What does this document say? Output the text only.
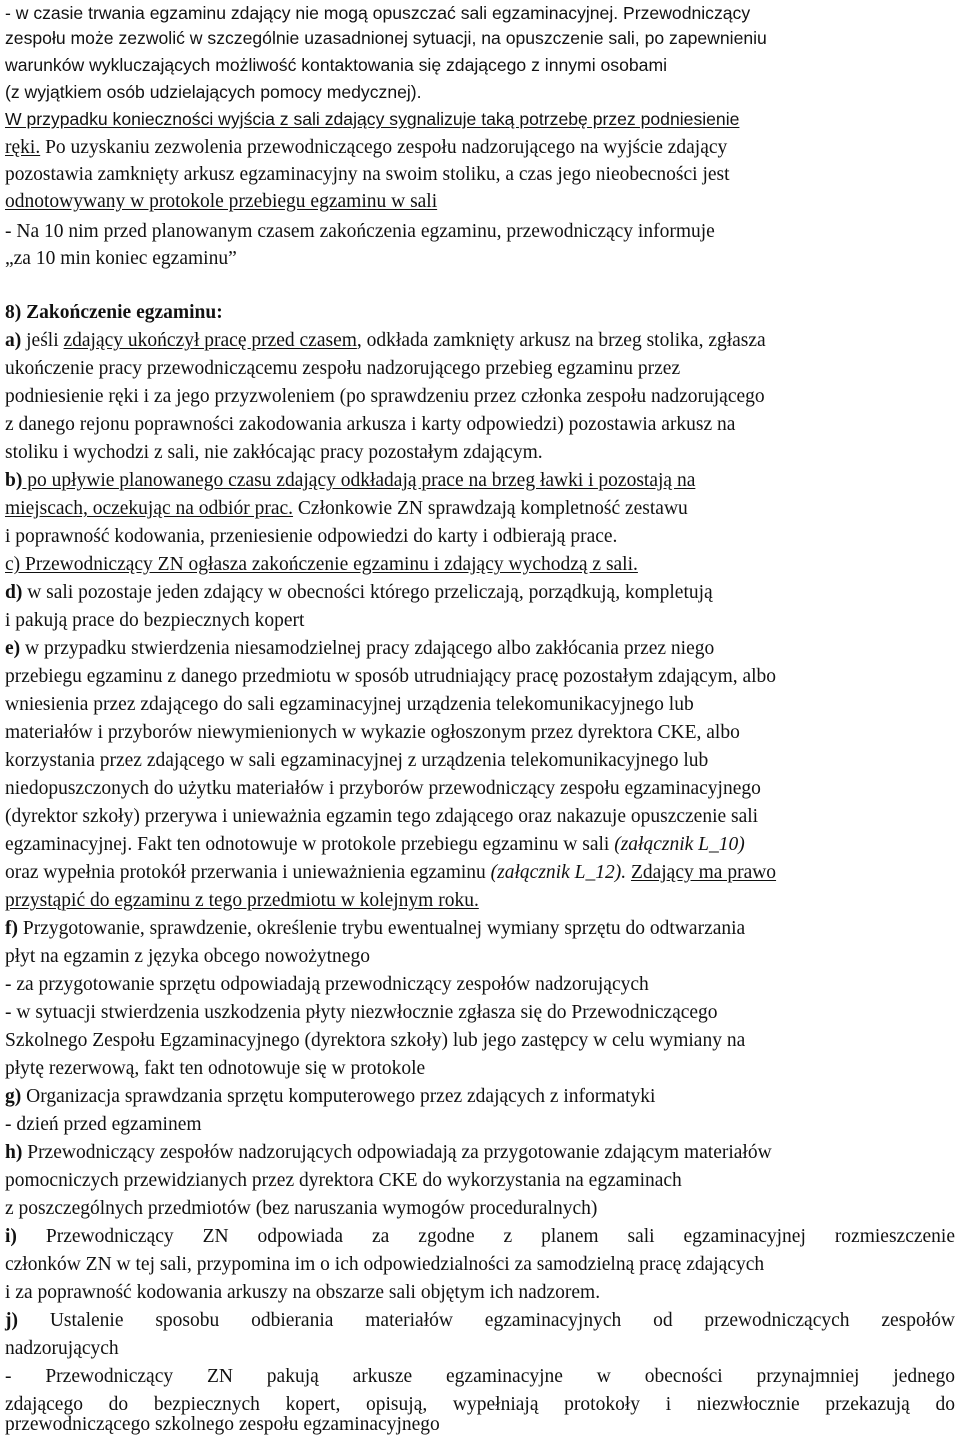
- w czasie trwania egzaminu zdający nie mogą opuszczać sali egzaminacyjnej. Przewodniczący
zespołu może zezwolić w szczególnie uzasadnionej sytuacji, na opuszczenie sali, po zapewnieniu
warunków wykluczających możliwość kontaktowania się zdającego z innymi osobami
(z wyjątkiem osób udzielających pomocy medycznej).
W przypadku konieczności wyjścia z sali zdający sygnalizuje taką potrzebę przez podniesienie
ręki. Po uzyskaniu zezwolenia przewodniczącego zespołu nadzorującego na wyjście zdający
pozostawia zamknięty arkusz egzaminacyjny na swoim stoliku, a czas jego nieobecności jest
odnotowywany w protokole przebiegu egzaminu w sali
- Na 10 nim przed planowanym czasem zakończenia egzaminu, przewodniczący informuje
„za 10 min koniec egzaminu”
8) Zakończenie egzaminu:
a) jeśli zdający ukończył pracę przed czasem, odkłada zamknięty arkusz na brzeg stolika, zgłasza
ukończenie pracy przewodniczącemu zespołu nadzorującego przebieg egzaminu przez
podniesienie ręki i za jego przyzwoleniem (po sprawdzeniu przez członka zespołu nadzorującego
z danego rejonu poprawności zakodowania arkusza i karty odpowiedzi) pozostawia arkusz na
stoliku i wychodzi z sali, nie zakłócając pracy pozostałym zdającym.
b) po upływie planowanego czasu zdający odkładają prace na brzeg ławki i pozostają na
miejscach, oczekując na odbiór prac. Członkowie ZN sprawdzają kompletność zestawu
i poprawność kodowania, przeniesienie odpowiedzi do karty i odbierają prace.
c) Przewodniczący ZN ogłasza zakończenie egzaminu i zdający wychodzą z sali.
d) w sali pozostaje jeden zdający w obecności którego przeliczają, porządkują, kompletują
i pakują prace do bezpiecznych kopert
e) w przypadku stwierdzenia niesamodzielnej pracy zdającego albo zakłócania przez niego
przebiegu egzaminu z danego przedmiotu w sposób utrudniający pracę pozostałym zdającym, albo
wniesienia przez zdającego do sali egzaminacyjnej urządzenia telekomunikacyjnego lub
materiałów i przyborów niewymienionych w wykazie ogłoszonym przez dyrektora CKE, albo
korzystania przez zdającego w sali egzaminacyjnej z urządzenia telekomunikacyjnego lub
niedopuszczonych do użytku materiałów i przyborów przewodniczący zespołu egzaminacyjnego
(dyrektor szkoły) przerywa i unieważnia egzamin tego zdającego oraz nakazuje opuszczenie sali
egzaminacyjnej. Fakt ten odnotowuje w protokole przebiegu egzaminu w sali (załącznik L_10)
oraz wypełnia protokół przerwania i unieważnienia egzaminu (załącznik L_12). Zdający ma prawo
przystąpić do egzaminu z tego przedmiotu w kolejnym roku.
f) Przygotowanie, sprawdzenie, określenie trybu ewentualnej wymiany sprzętu do odtwarzania
płyt na egzamin z języka obcego nowożytnego
- za przygotowanie sprzętu odpowiadają przewodniczący zespołów nadzorujących
- w sytuacji stwierdzenia uszkodzenia płyty niezwłocznie zgłasza się do Przewodniczącego
Szkolnego Zespołu Egzaminacyjnego (dyrektora szkoły) lub jego zastępcy w celu wymiany na
płytę rezerwową, fakt ten odnotowuje się w protokole
g) Organizacja sprawdzania sprzętu komputerowego przez zdających z informatyki
- dzień przed egzaminem
h) Przewodniczący zespołów nadzorujących odpowiadają za przygotowanie zdającym materiałów
pomocniczych przewidzianych przez dyrektora CKE do wykorzystania na egzaminach
z poszczególnych przedmiotów (bez naruszania wymogów proceduralnych)
i) Przewodniczący ZN odpowiada za zgodne z planem sali egzaminacyjnej rozmieszczenie
członków ZN w tej sali, przypomina im o ich odpowiedzialności za samodzielną pracę zdających
i za poprawność kodowania arkuszy na obszarze sali objętym ich nadzorem.
j) Ustalenie sposobu odbierania materiałów egzaminacyjnych od przewodniczących zespołów
nadzorujących
- Przewodniczący ZN pakują arkusze egzaminacyjne w obecności przynajmniej jednego
zdającego do bezpiecznych kopert, opisują, wypełniają protokoły i niezwłocznie przekazują do
przewodniczącego szkolnego zespołu egzaminacyjnego
